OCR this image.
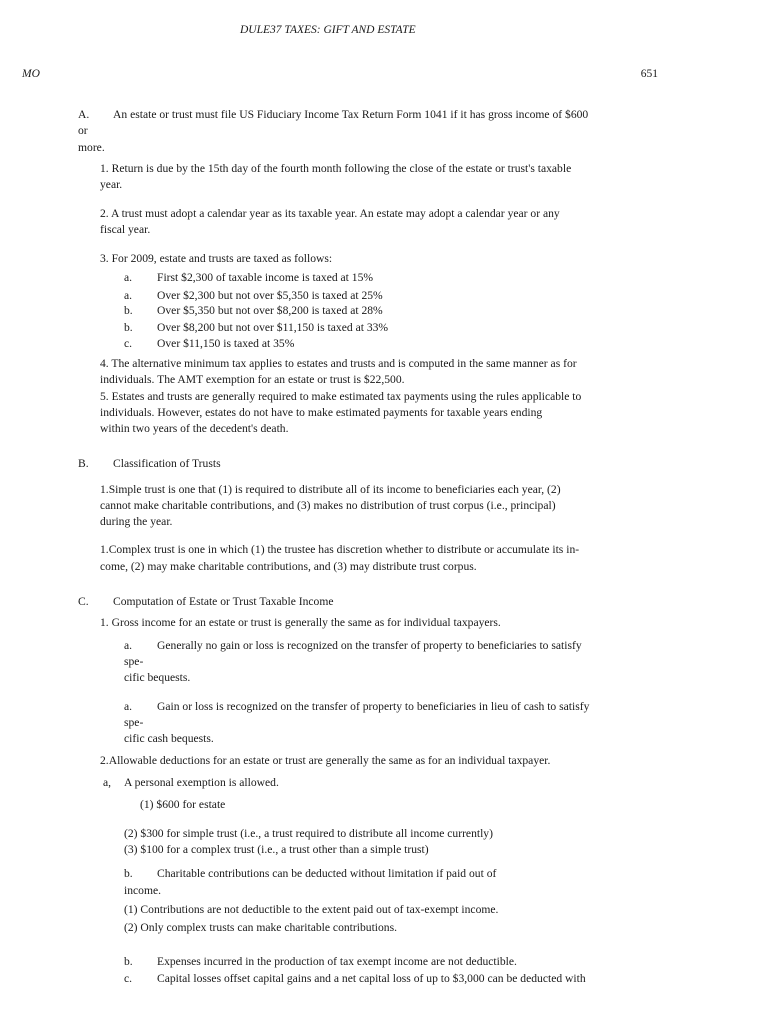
DULE37 TAXES: GIFT AND ESTATE
MO	651
A. An estate or trust must file US Fiduciary Income Tax Return Form 1041 if it has gross income of $600
or
more.
1. Return is due by the 15th day of the fourth month following the close of the estate or trust's taxable
year.
2. A trust must adopt a calendar year as its taxable year. An estate may adopt a calendar year or any
fiscal year.
3. For 2009, estate and trusts are taxed as follows:
a. First $2,300 of taxable income is taxed at 15%
a. Over $2,300 but not over $5,350 is taxed at 25%
b. Over $5,350 but not over $8,200 is taxed at 28%
b. Over $8,200 but not over $11,150 is taxed at 33%
c. Over $11,150 is taxed at 35%
4. The alternative minimum tax applies to estates and trusts and is computed in the same manner as for
individuals. The AMT exemption for an estate or trust is $22,500.
5. Estates and trusts are generally required to make estimated tax payments using the rules applicable to
individuals. However, estates do not have to make estimated payments for taxable years ending
within two years of the decedent's death.
B. Classification of Trusts
1.Simple trust is one that (1) is required to distribute all of its income to beneficiaries each year, (2)
cannot make charitable contributions, and (3) makes no distribution of trust corpus (i.e., principal)
during the year.
1.Complex trust is one in which (1) the trustee has discretion whether to distribute or accumulate its in-
come, (2) may make charitable contributions, and (3) may distribute trust corpus.
C. Computation of Estate or Trust Taxable Income
1. Gross income for an estate or trust is generally the same as for individual taxpayers.
a. Generally no gain or loss is recognized on the transfer of property to beneficiaries to satisfy
spe-
cific bequests.
a. Gain or loss is recognized on the transfer of property to beneficiaries in lieu of cash to satisfy
spe-
cific cash bequests.
2.Allowable deductions for an estate or trust are generally the same as for an individual taxpayer.
a, A personal exemption is allowed.
(1) $600 for estate
(2) $300 for simple trust (i.e., a trust required to distribute all income currently)
(3) $100 for a complex trust (i.e., a trust other than a simple trust)
b. Charitable contributions can be deducted without limitation if paid out of
income.
(1) Contributions are not deductible to the extent paid out of tax-exempt income.
(2) Only complex trusts can make charitable contributions.
b. Expenses incurred in the production of tax exempt income are not deductible.
c. Capital losses offset capital gains and a net capital loss of up to $3,000 can be deducted with
